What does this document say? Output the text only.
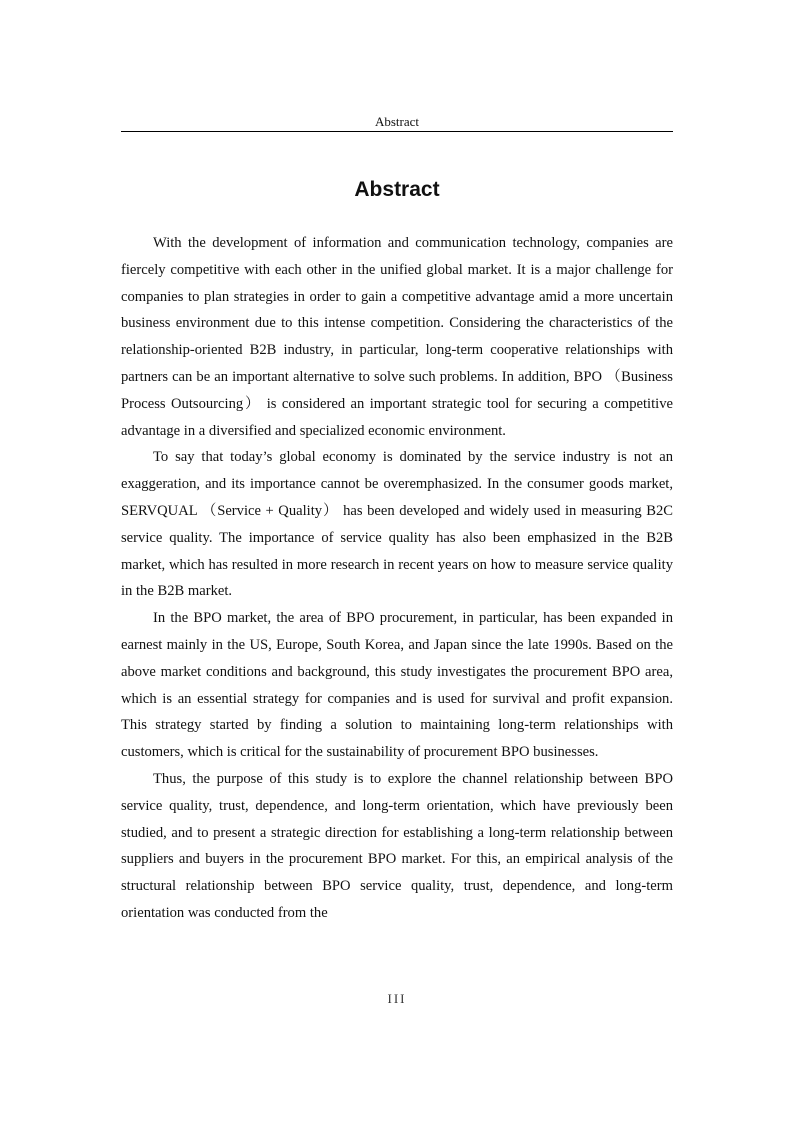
Abstract
Abstract

With the development of information and communication technology, companies are fiercely competitive with each other in the unified global market. It is a major challenge for companies to plan strategies in order to gain a competitive advantage amid a more uncertain business environment due to this intense competition. Considering the characteristics of the relationship-oriented B2B industry, in particular, long-term cooperative relationships with partners can be an important alternative to solve such problems. In addition, BPO （Business Process Outsourcing） is considered an important strategic tool for securing a competitive advantage in a diversified and specialized economic environment.

To say that today’s global economy is dominated by the service industry is not an exaggeration, and its importance cannot be overemphasized. In the consumer goods market, SERVQUAL （Service + Quality） has been developed and widely used in measuring B2C service quality. The importance of service quality has also been emphasized in the B2B market, which has resulted in more research in recent years on how to measure service quality in the B2B market.

In the BPO market, the area of BPO procurement, in particular, has been expanded in earnest mainly in the US, Europe, South Korea, and Japan since the late 1990s. Based on the above market conditions and background, this study investigates the procurement BPO area, which is an essential strategy for companies and is used for survival and profit expansion. This strategy started by finding a solution to maintaining long-term relationships with customers, which is critical for the sustainability of procurement BPO businesses.

Thus, the purpose of this study is to explore the channel relationship between BPO service quality, trust, dependence, and long-term orientation, which have previously been studied, and to present a strategic direction for establishing a long-term relationship between suppliers and buyers in the procurement BPO market. For this, an empirical analysis of the structural relationship between BPO service quality, trust, dependence, and long-term orientation was conducted from the

III
